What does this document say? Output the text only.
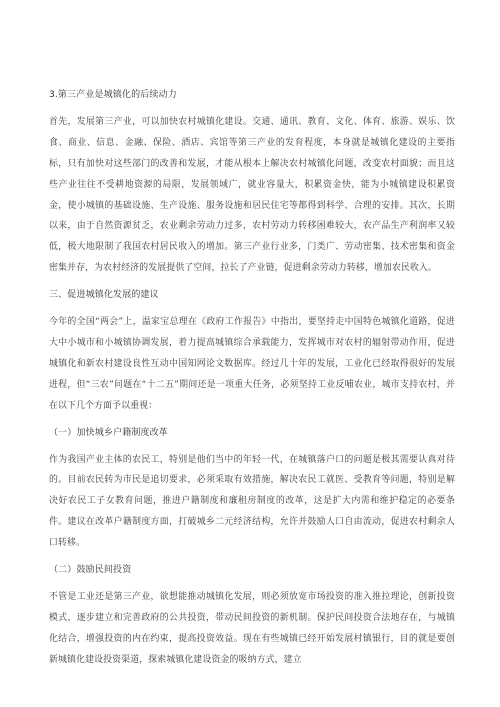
3.第三产业是城镇化的后续动力

首先，发展第三产业，可以加快农村城镇化建设。交通、通讯、教育、文化、体育、旅游、娱乐、饮食、商业、信息、金融、保险、酒店、宾馆等第三产业的发育程度，本身就是城镇化建设的主要指标，只有加快对这些部门的改善和发展，才能从根本上解决农村城镇化问题，改变农村面貌；而且这些产业往往不受耕地资源的局限，发展领域广，就业容量大，积累资金快，能为小城镇建设积累资金，使小城镇的基础设施、生产设施、服务设施和居民住宅等都得到科学、合理的安排。其次，长期以来，由于自然资源贫乏，农业剩余劳动力过多，农村劳动力转移困难较大，农产品生产利润率又较低，极大地限制了我国农村居民收入的增加。第三产业行业多，门类广、劳动密集、技术密集和资金密集并存，为农村经济的发展提供了空间，拉长了产业链，促进剩余劳动力转移，增加农民收入。

三、促进城镇化发展的建议

今年的全国“两会”上，温家宝总理在《政府工作报告》中指出，要坚持走中国特色城镇化道路，促进大中小城市和小城镇协调发展，着力提高城镇综合承载能力，发挥城市对农村的辐射带动作用，促进城镇化和新农村建设良性互动中国知网论文数据库。经过几十年的发展，工业化已经取得很好的发展进程，但“三农”问题在“十二五”期间还是一项重大任务，必须坚持工业反哺农业，城市支持农村，并在以下几个方面予以重视：

（一）加快城乡户籍制度改革

作为我国产业主体的农民工，特别是他们当中的年轻一代，在城镇落户口的问题是极其需要认真对待的。目前农民转为市民是追切要求，必须采取有效措施，解决农民工就医、受教育等问题，特别是解决好农民工子女教育问题，推进户籍制度和廉租房制度的改革，这是扩大内需和维护稳定的必要条件。建议在改革户籍制度方面，打破城乡二元经济结构，允许并鼓励人口自由流动，促进农村剩余人口转移。

（二）鼓励民间投资

不管是工业还是第三产业，欲想能推动城镇化发展，则必须放宽市场投资的准入推拉理论，创新投资模式，逐步建立和完善政府的公共投资，带动民间投资的新机制。保护民间投资合法地存在，与城镇化结合，增强投资的内在约束，提高投资效益。现在有些城镇已经开始发展村镇银行，目的就是要创新城镇化建设投资渠道，探索城镇化建设资金的吸纳方式，建立
